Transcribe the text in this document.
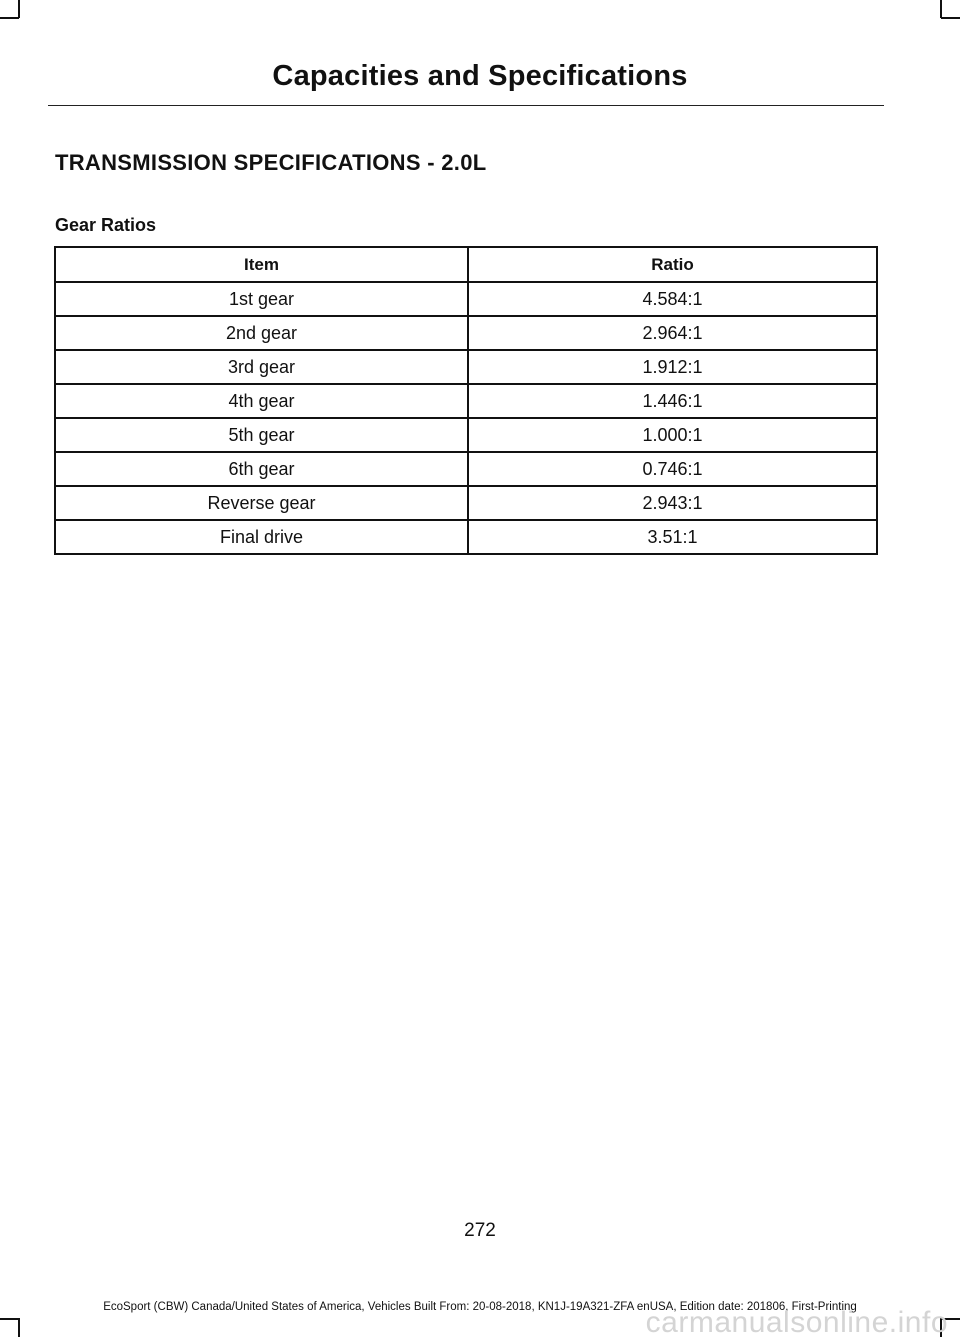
Capacities and Specifications
TRANSMISSION SPECIFICATIONS - 2.0L
Gear Ratios
Item	Ratio
1st gear	4.584:1
2nd gear	2.964:1
3rd gear	1.912:1
4th gear	1.446:1
5th gear	1.000:1
6th gear	0.746:1
Reverse gear	2.943:1
Final drive	3.51:1
272
EcoSport (CBW) Canada/United States of America, Vehicles Built From: 20-08-2018, KN1J-19A321-ZFA enUSA, Edition date: 201806, First-Printing
carmanualsonline.info
